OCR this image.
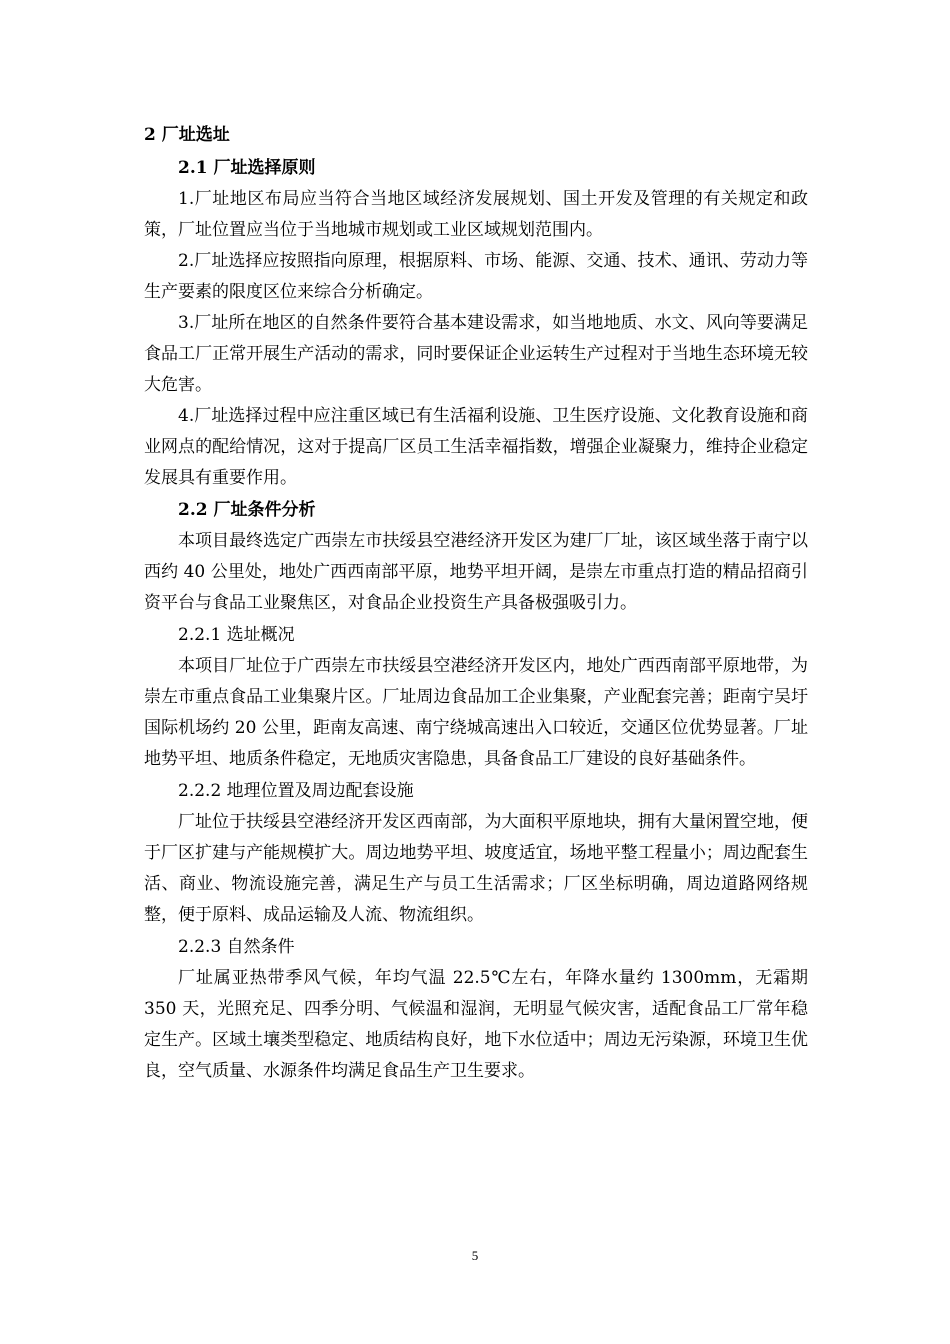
2 厂址选址

2.1 厂址选择原则

1.厂址地区布局应当符合当地区域经济发展规划、国土开发及管理的有关规定和政策，厂址位置应当位于当地城市规划或工业区域规划范围内。

2.厂址选择应按照指向原理，根据原料、市场、能源、交通、技术、通讯、劳动力等生产要素的限度区位来综合分析确定。

3.厂址所在地区的自然条件要符合基本建设需求，如当地地质、水文、风向等要满足食品工厂正常开展生产活动的需求，同时要保证企业运转生产过程对于当地生态环境无较大危害。

4.厂址选择过程中应注重区域已有生活福利设施、卫生医疗设施、文化教育设施和商业网点的配给情况，这对于提高厂区员工生活幸福指数，增强企业凝聚力，维持企业稳定发展具有重要作用。

2.2 厂址条件分析

本项目最终选定广西崇左市扶绥县空港经济开发区为建厂厂址，该区域坐落于南宁以西约 40 公里处，地处广西西南部平原，地势平坦开阔，是崇左市重点打造的精品招商引资平台与食品工业聚焦区，对食品企业投资生产具备极强吸引力。

2.2.1 选址概况

本项目厂址位于广西崇左市扶绥县空港经济开发区内，地处广西西南部平原地带，为崇左市重点食品工业集聚片区。厂址周边食品加工企业集聚，产业配套完善；距南宁吴圩国际机场约 20 公里，距南友高速、南宁绕城高速出入口较近，交通区位优势显著。厂址地势平坦、地质条件稳定，无地质灾害隐患，具备食品工厂建设的良好基础条件。

2.2.2 地理位置及周边配套设施

厂址位于扶绥县空港经济开发区西南部，为大面积平原地块，拥有大量闲置空地，便于厂区扩建与产能规模扩大。周边地势平坦、坡度适宜，场地平整工程量小；周边配套生活、商业、物流设施完善，满足生产与员工生活需求；厂区坐标明确，周边道路网络规整，便于原料、成品运输及人流、物流组织。

2.2.3 自然条件

厂址属亚热带季风气候，年均气温 22.5℃左右，年降水量约 1300mm，无霜期 350 天，光照充足、四季分明、气候温和湿润，无明显气候灾害，适配食品工厂常年稳定生产。区域土壤类型稳定、地质结构良好，地下水位适中；周边无污染源，环境卫生优良，空气质量、水源条件均满足食品生产卫生要求。

5
